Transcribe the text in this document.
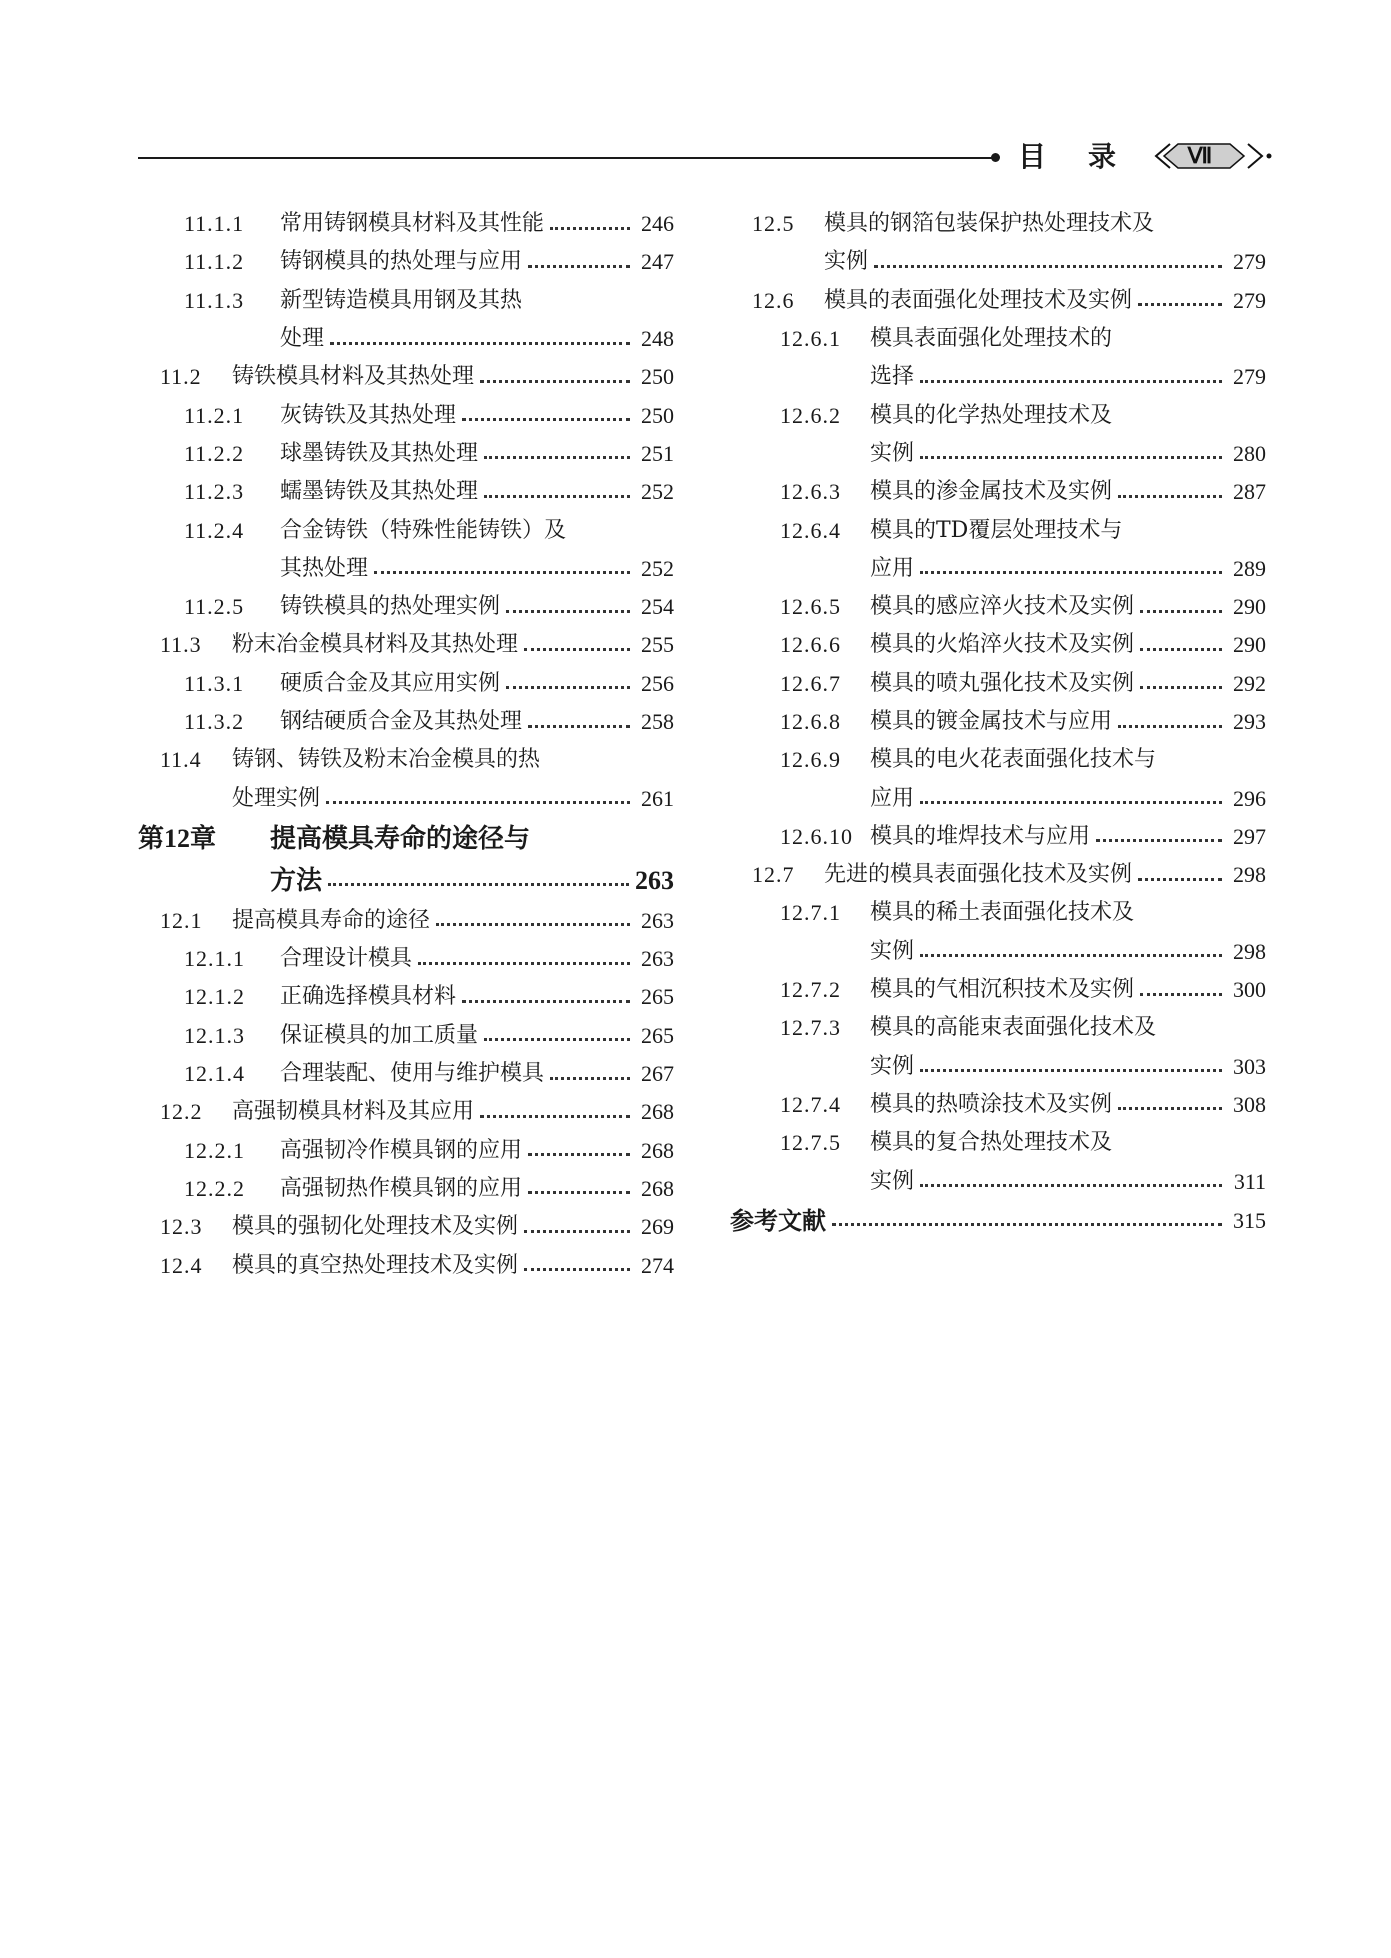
目录	Ⅶ
11.1.1 常用铸钢模具材料及其性能	246
11.1.2 铸钢模具的热处理与应用	247
11.1.3 新型铸造模具用钢及其热
处理	248
11.2 铸铁模具材料及其热处理	250
11.2.1 灰铸铁及其热处理	250
11.2.2 球墨铸铁及其热处理	251
11.2.3 蠕墨铸铁及其热处理	252
11.2.4 合金铸铁（特殊性能铸铁）及
其热处理	252
11.2.5 铸铁模具的热处理实例	254
11.3 粉末冶金模具材料及其热处理	255
11.3.1 硬质合金及其应用实例	256
11.3.2 钢结硬质合金及其热处理	258
11.4 铸钢、铸铁及粉末冶金模具的热
处理实例	261
第12章 提高模具寿命的途径与
方法	263
12.1 提高模具寿命的途径	263
12.1.1 合理设计模具	263
12.1.2 正确选择模具材料	265
12.1.3 保证模具的加工质量	265
12.1.4 合理装配、使用与维护模具	267
12.2 高强韧模具材料及其应用	268
12.2.1 高强韧冷作模具钢的应用	268
12.2.2 高强韧热作模具钢的应用	268
12.3 模具的强韧化处理技术及实例	269
12.4 模具的真空热处理技术及实例	274
12.5 模具的钢箔包装保护热处理技术及
实例	279
12.6 模具的表面强化处理技术及实例	279
12.6.1 模具表面强化处理技术的
选择	279
12.6.2 模具的化学热处理技术及
实例	280
12.6.3 模具的渗金属技术及实例	287
12.6.4 模具的TD覆层处理技术与
应用	289
12.6.5 模具的感应淬火技术及实例	290
12.6.6 模具的火焰淬火技术及实例	290
12.6.7 模具的喷丸强化技术及实例	292
12.6.8 模具的镀金属技术与应用	293
12.6.9 模具的电火花表面强化技术与
应用	296
12.6.10 模具的堆焊技术与应用	297
12.7 先进的模具表面强化技术及实例	298
12.7.1 模具的稀土表面强化技术及
实例	298
12.7.2 模具的气相沉积技术及实例	300
12.7.3 模具的高能束表面强化技术及
实例	303
12.7.4 模具的热喷涂技术及实例	308
12.7.5 模具的复合热处理技术及
实例	311
参考文献	315
